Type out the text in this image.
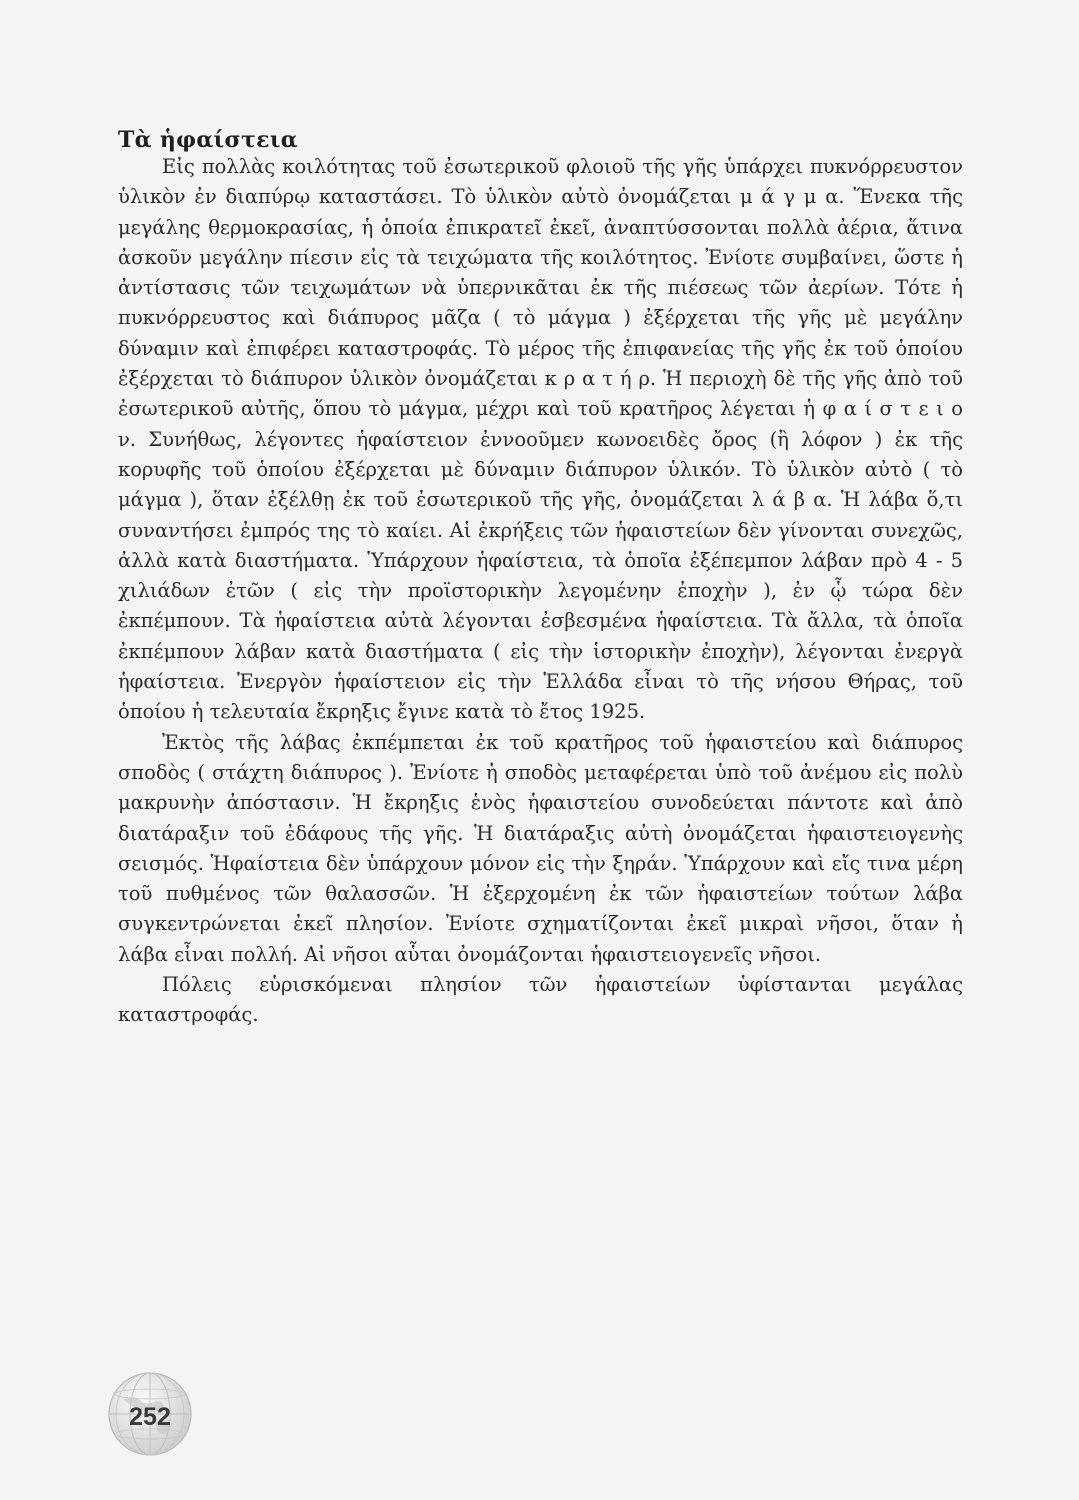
Τὰ ἡφαίστεια

Εἰς πολλὰς κοιλότητας τοῦ ἐσωτερικοῦ φλοιοῦ τῆς γῆς ὑπάρχει πυκνόρρευστον ὑλικὸν ἐν διαπύρῳ καταστάσει. Τὸ ὑλικὸν αὐτὸ ὀνομάζεται μ ά γ μ α. Ἕνεκα τῆς μεγάλης θερμοκρασίας, ἡ ὁποία ἐπικρατεῖ ἐκεῖ, ἀναπτύσσονται πολλὰ ἀέρια, ἅτινα ἀσκοῦν μεγάλην πίεσιν εἰς τὰ τειχώματα τῆς κοιλότητος. Ἐνίοτε συμβαίνει, ὥστε ἡ ἀντίστασις τῶν τειχωμάτων νὰ ὑπερνικᾶται ἐκ τῆς πιέσεως τῶν ἀερίων. Τότε ἡ πυκνόρρευστος καὶ διάπυρος μᾶζα ( τὸ μάγμα ) ἐξέρχεται τῆς γῆς μὲ μεγάλην δύναμιν καὶ ἐπιφέρει καταστροφάς. Τὸ μέρος τῆς ἐπιφανείας τῆς γῆς ἐκ τοῦ ὁποίου ἐξέρχεται τὸ διάπυρον ὑλικὸν ὀνομάζεται κ ρ α τ ή ρ. Ἡ περιοχὴ δὲ τῆς γῆς ἀπὸ τοῦ ἐσωτερικοῦ αὐτῆς, ὅπου τὸ μάγμα, μέχρι καὶ τοῦ κρατῆρος λέγεται ἡ φ α ί σ τ ε ι ο ν. Συνήθως, λέγοντες ἡφαίστειον ἐννοοῦμεν κωνοειδὲς ὄρος (ἢ λόφον ) ἐκ τῆς κορυφῆς τοῦ ὁποίου ἐξέρχεται μὲ δύναμιν διάπυρον ὑλικόν. Τὸ ὑλικὸν αὐτὸ ( τὸ μάγμα ), ὅταν ἐξέλθῃ ἐκ τοῦ ἐσωτερικοῦ τῆς γῆς, ὀνομάζεται λ ά β α. Ἡ λάβα ὅ,τι συναντήσει ἐμπρός της τὸ καίει. Αἱ ἐκρήξεις τῶν ἡφαιστείων δὲν γίνονται συνεχῶς, ἀλλὰ κατὰ διαστήματα. Ὑπάρχουν ἡφαίστεια, τὰ ὁποῖα ἐξέπεμπον λάβαν πρὸ 4 - 5 χιλιάδων ἐτῶν ( εἰς τὴν προϊστορικὴν λεγομένην ἐποχὴν ), ἐν ᾧ τώρα δὲν ἐκπέμπουν. Τὰ ἡφαίστεια αὐτὰ λέγονται ἐσβεσμένα ἡφαίστεια. Τὰ ἄλλα, τὰ ὁποῖα ἐκπέμπουν λάβαν κατὰ διαστήματα ( εἰς τὴν ἱστορικὴν ἐποχὴν), λέγονται ἐνεργὰ ἡφαίστεια. Ἐνεργὸν ἡφαίστειον εἰς τὴν Ἑλλάδα εἶναι τὸ τῆς νήσου Θήρας, τοῦ ὁποίου ἡ τελευταία ἔκρηξις ἔγινε κατὰ τὸ ἔτος 1925.

Ἐκτὸς τῆς λάβας ἐκπέμπεται ἐκ τοῦ κρατῆρος τοῦ ἡφαιστείου καὶ διάπυρος σποδὸς ( στάχτη διάπυρος ). Ἐνίοτε ἡ σποδὸς μεταφέρεται ὑπὸ τοῦ ἀνέμου εἰς πολὺ μακρυνὴν ἀπόστασιν. Ἡ ἔκρηξις ἑνὸς ἡφαιστείου συνοδεύεται πάντοτε καὶ ἀπὸ διατάραξιν τοῦ ἐδάφους τῆς γῆς. Ἡ διατάραξις αὐτὴ ὀνομάζεται ἡφαιστειογενὴς σεισμός. Ἡφαίστεια δὲν ὑπάρχουν μόνον εἰς τὴν ξηράν. Ὑπάρχουν καὶ εἴς τινα μέρη τοῦ πυθμένος τῶν θαλασσῶν. Ἡ ἐξερχομένη ἐκ τῶν ἡφαιστείων τούτων λάβα συγκεντρώνεται ἐκεῖ πλησίον. Ἐνίοτε σχηματίζονται ἐκεῖ μικραὶ νῆσοι, ὅταν ἡ λάβα εἶναι πολλή. Αἱ νῆσοι αὗται ὀνομάζονται ἡφαιστειογενεῖς νῆσοι.

Πόλεις εὑρισκόμεναι πλησίον τῶν ἡφαιστείων ὑφίστανται μεγάλας καταστροφάς.

252
